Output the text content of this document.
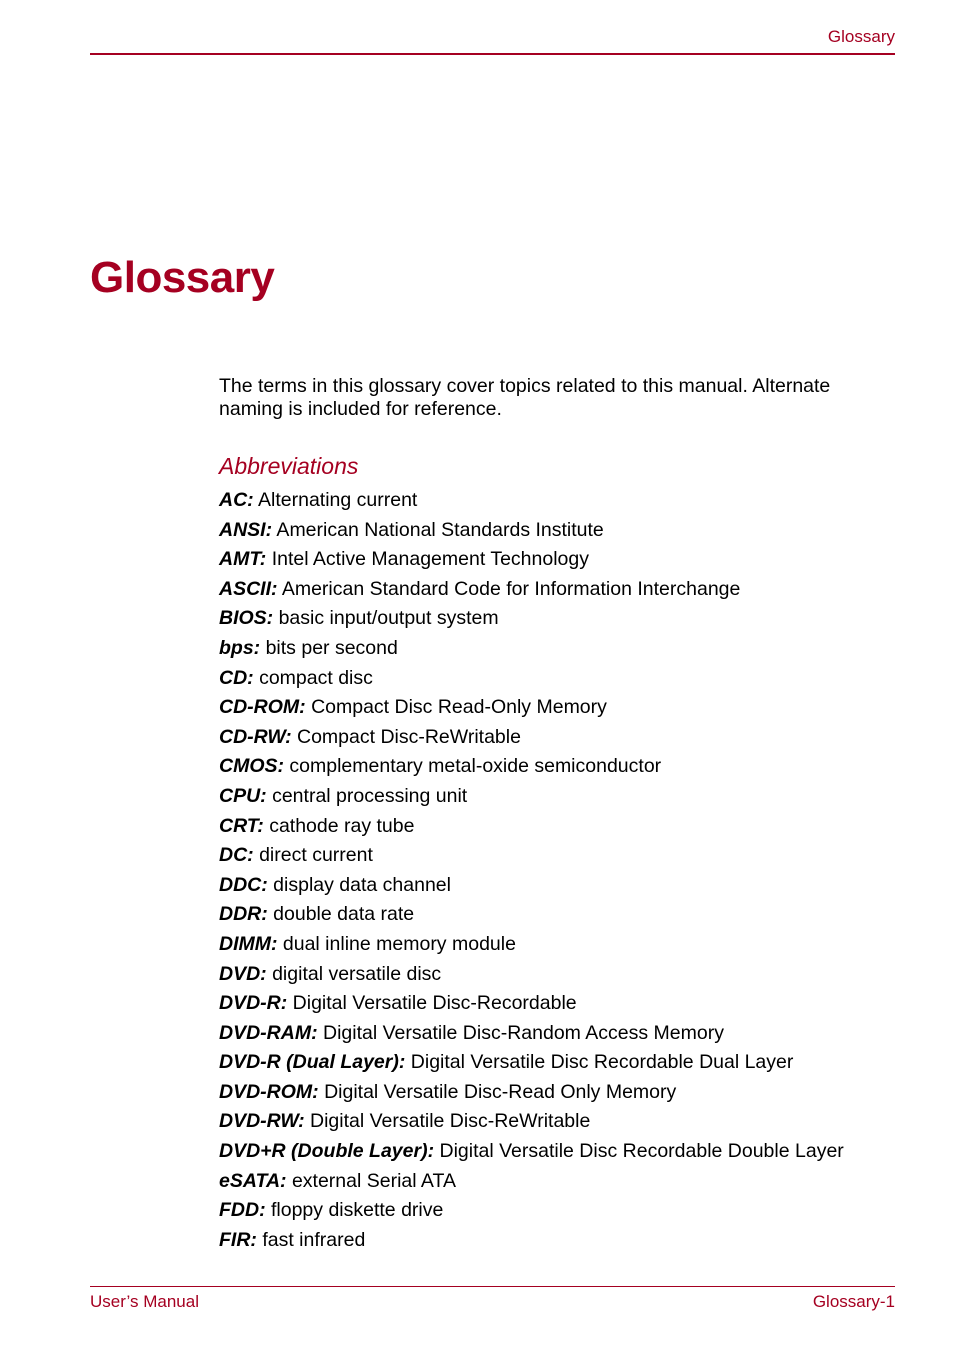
Glossary
Glossary

The terms in this glossary cover topics related to this manual. Alternate naming is included for reference.

Abbreviations
AC: Alternating current
ANSI: American National Standards Institute
AMT: Intel Active Management Technology
ASCII: American Standard Code for Information Interchange
BIOS: basic input/output system
bps: bits per second
CD: compact disc
CD-ROM: Compact Disc Read-Only Memory
CD-RW: Compact Disc-ReWritable
CMOS: complementary metal-oxide semiconductor
CPU: central processing unit
CRT: cathode ray tube
DC: direct current
DDC: display data channel
DDR: double data rate
DIMM: dual inline memory module
DVD: digital versatile disc
DVD-R: Digital Versatile Disc-Recordable
DVD-RAM: Digital Versatile Disc-Random Access Memory
DVD-R (Dual Layer): Digital Versatile Disc Recordable Dual Layer
DVD-ROM: Digital Versatile Disc-Read Only Memory
DVD-RW: Digital Versatile Disc-ReWritable
DVD+R (Double Layer): Digital Versatile Disc Recordable Double Layer
eSATA: external Serial ATA
FDD: floppy diskette drive
FIR: fast infrared
User’s Manual	Glossary-1
